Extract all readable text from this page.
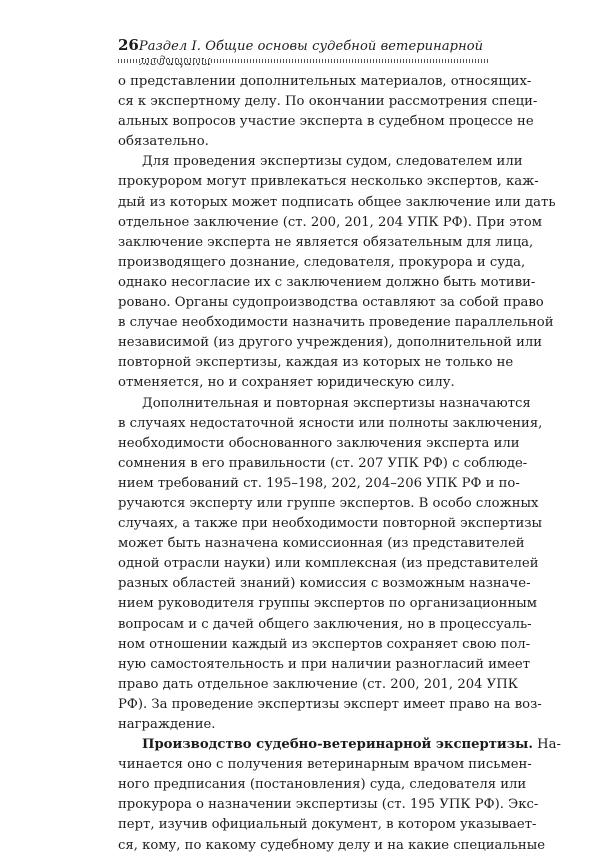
26 Раздел I. Общие основы судебной ветеринарной
о представлении дополнительных материалов, относящих-
ся к экспертному делу. По окончании рассмотрения специ-
альных вопросов участие эксперта в судебном процессе не
обязательно.
Для проведения экспертизы судом, следователем или
прокурором могут привлекаться несколько экспертов, каж-
дый из которых может подписать общее заключение или дать
отдельное заключение (ст. 200, 201, 204 УПК РФ). При этом
заключение эксперта не является обязательным для лица,
производящего дознание, следователя, прокурора и суда,
однако несогласие их с заключением должно быть мотиви-
ровано. Органы судопроизводства оставляют за собой право
в случае необходимости назначить проведение параллельной
независимой (из другого учреждения), дополнительной или
повторной экспертизы, каждая из которых не только не
отменяется, но и сохраняет юридическую силу.
Дополнительная и повторная экспертизы назначаются
в случаях недостаточной ясности или полноты заключения,
необходимости обоснованного заключения эксперта или
сомнения в его правильности (ст. 207 УПК РФ) с соблюде-
нием требований ст. 195–198, 202, 204–206 УПК РФ и по-
ручаются эксперту или группе экспертов. В особо сложных
случаях, а также при необходимости повторной экспертизы
может быть назначена комиссионная (из представителей
одной отрасли науки) или комплексная (из представителей
разных областей знаний) комиссия с возможным назначе-
нием руководителя группы экспертов по организационным
вопросам и с дачей общего заключения, но в процессуаль-
ном отношении каждый из экспертов сохраняет свою пол-
ную самостоятельность и при наличии разногласий имеет
право дать отдельное заключение (ст. 200, 201, 204 УПК
РФ). За проведение экспертизы эксперт имеет право на воз-
награждение.
Производство судебно-ветеринарной экспертизы. На-
чинается оно с получения ветеринарным врачом письмен-
ного предписания (постановления) суда, следователя или
прокурора о назначении экспертизы (ст. 195 УПК РФ). Экс-
перт, изучив официальный документ, в котором указывает-
ся, кому, по какому судебному делу и на какие специальные
